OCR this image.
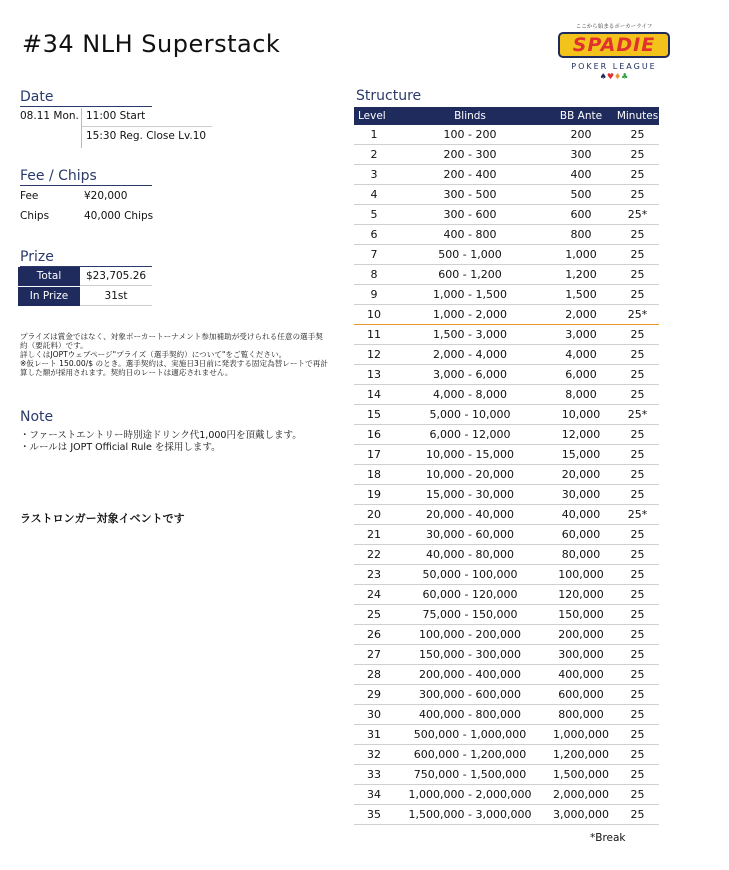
#34 NLH Superstack
ここから始まるポーカーライフ
SPADIE
POKER LEAGUE
♠♥♦♣
Date
08.11 Mon. 11:00 Start
15:30 Reg. Close Lv.10
Fee / Chips
Fee	¥20,000
Chips	40,000 Chips
Prize
Total	$23,705.26
In Prize	31st
プライズは賞金ではなく、対象ポーカートーナメント参加補助が受けられる任意の選手契約（要託料）です。
詳しくはJOPTウェブページ"プライズ（選手契約）について"をご覧ください。
※仮レート 150.00/$ のとき。選手契約は、実施日3日前に発表する固定為替レートで再計算した額が採用されます。契約日のレートは適応されません。
Note
・ファーストエントリー時別途ドリンク代1,000円を頂戴します。
・ルールは JOPT Official Rule を採用します。
ラストロンガー対象イベントです
Structure
Level	Blinds	BB Ante	Minutes
1	100 - 200	200	25
2	200 - 300	300	25
3	200 - 400	400	25
4	300 - 500	500	25
5	300 - 600	600	25*
6	400 - 800	800	25
7	500 - 1,000	1,000	25
8	600 - 1,200	1,200	25
9	1,000 - 1,500	1,500	25
10	1,000 - 2,000	2,000	25*
11	1,500 - 3,000	3,000	25
12	2,000 - 4,000	4,000	25
13	3,000 - 6,000	6,000	25
14	4,000 - 8,000	8,000	25
15	5,000 - 10,000	10,000	25*
16	6,000 - 12,000	12,000	25
17	10,000 - 15,000	15,000	25
18	10,000 - 20,000	20,000	25
19	15,000 - 30,000	30,000	25
20	20,000 - 40,000	40,000	25*
21	30,000 - 60,000	60,000	25
22	40,000 - 80,000	80,000	25
23	50,000 - 100,000	100,000	25
24	60,000 - 120,000	120,000	25
25	75,000 - 150,000	150,000	25
26	100,000 - 200,000	200,000	25
27	150,000 - 300,000	300,000	25
28	200,000 - 400,000	400,000	25
29	300,000 - 600,000	600,000	25
30	400,000 - 800,000	800,000	25
31	500,000 - 1,000,000	1,000,000	25
32	600,000 - 1,200,000	1,200,000	25
33	750,000 - 1,500,000	1,500,000	25
34	1,000,000 - 2,000,000	2,000,000	25
35	1,500,000 - 3,000,000	3,000,000	25
*Break
